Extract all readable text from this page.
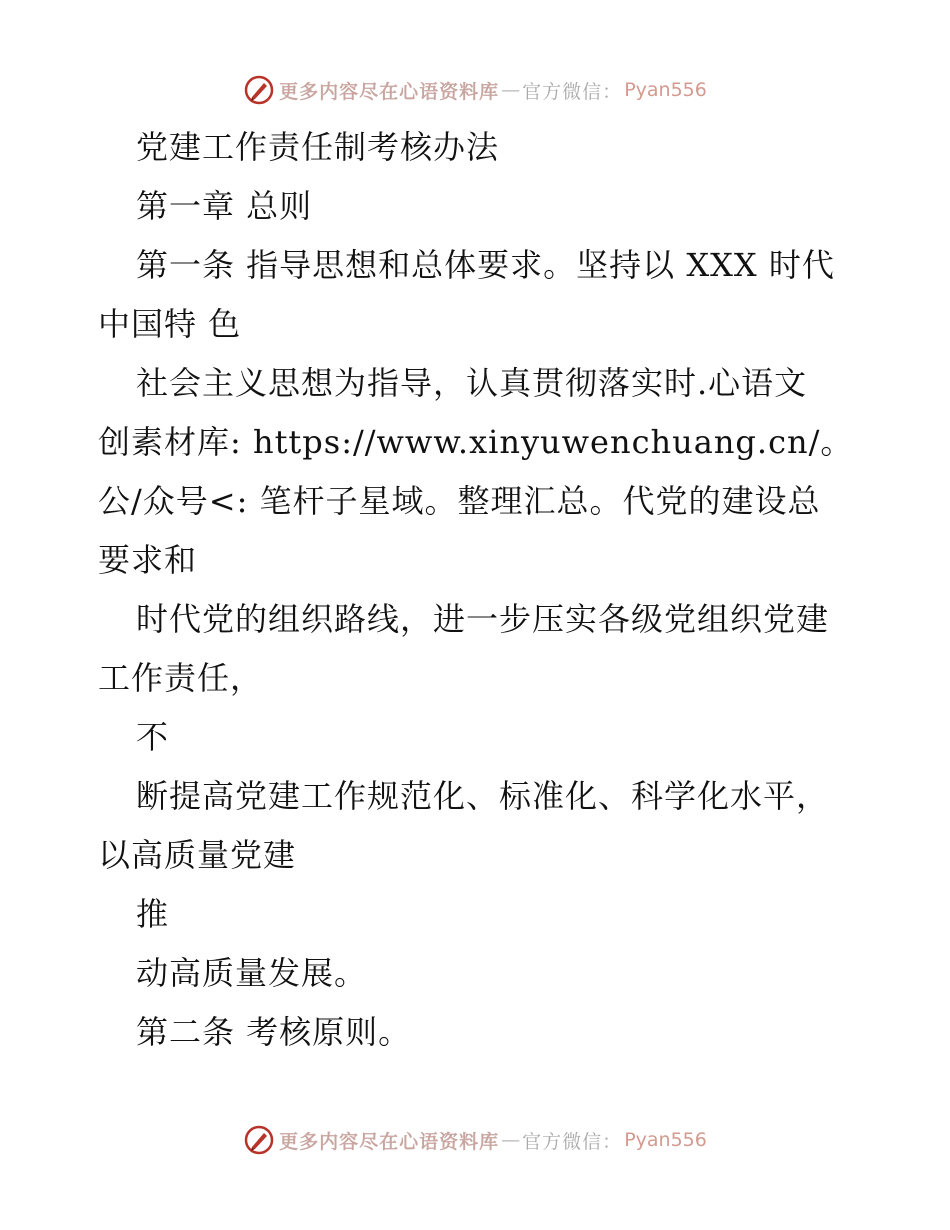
更多内容尽在心语资料库 — 官方微信： Pyan556
党建工作责任制考核办法
第一章 总则
第一条 指导思想和总体要求。坚持以 XXX 时代
中国特 色
社会主义思想为指导，认真贯彻落实时.心语文
创素材库: https://www.xinyuwenchuang.cn/。
公/众号<: 笔杆子星域。整理汇总。代党的建设总
要求和
时代党的组织路线，进一步压实各级党组织党建
工作责任，
不
断提高党建工作规范化、标准化、科学化水平，
以高质量党建
推
动高质量发展。
第二条 考核原则。
更多内容尽在心语资料库 — 官方微信： Pyan556
